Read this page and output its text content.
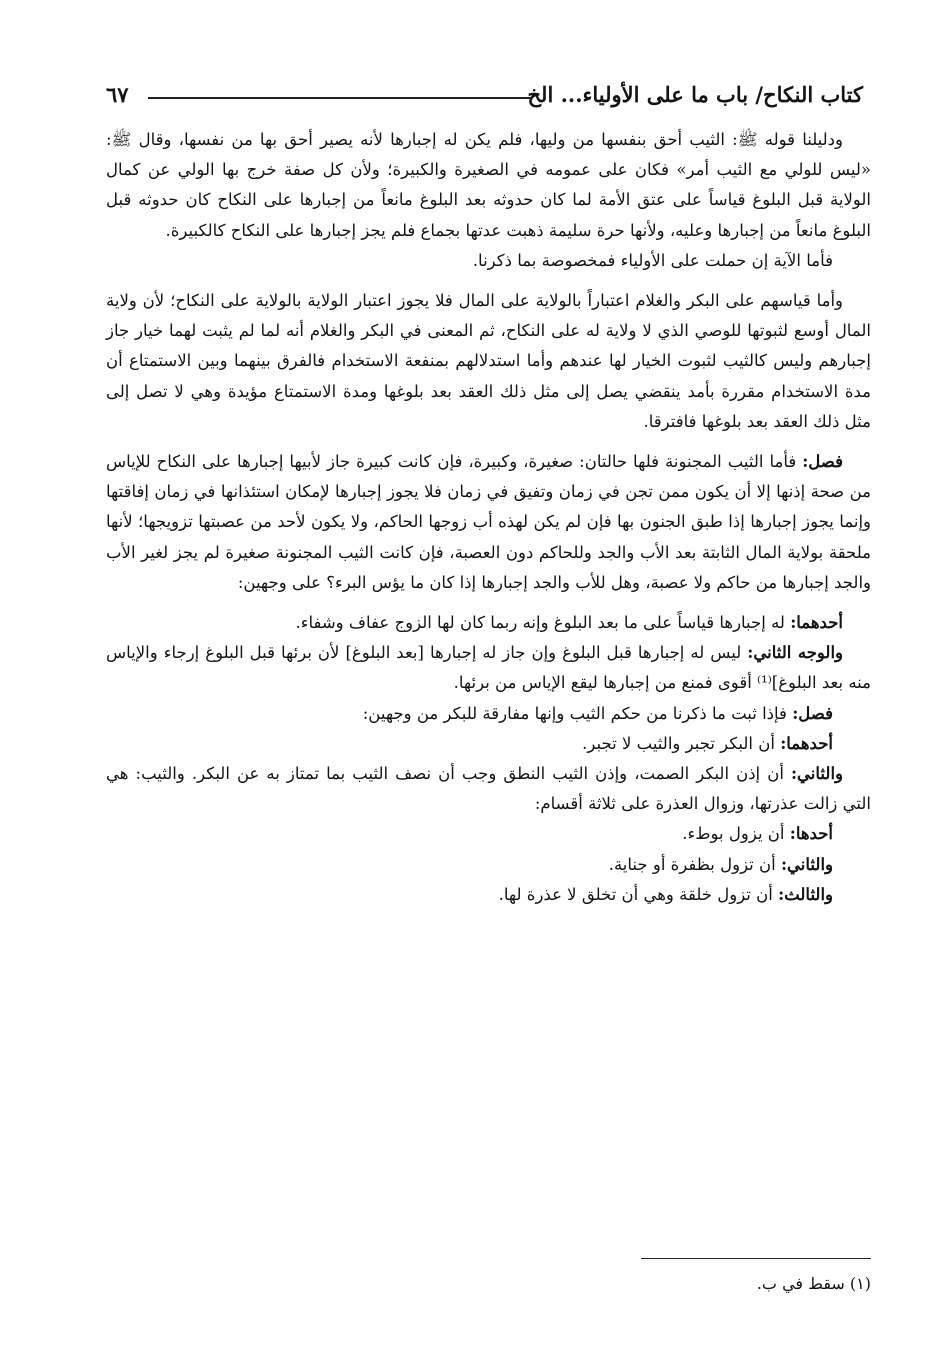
كتاب النكاح/ باب ما على الأولياء... الخ
٦٧

ودليلنا قوله ﷺ: الثيب أحق بنفسها من وليها، فلم يكن له إجبارها لأنه يصير أحق بها من نفسها، وقال ﷺ: «ليس للولي مع الثيب أمر» فكان على عمومه في الصغيرة والكبيرة؛ ولأن كل صفة خرج بها الولي عن كمال الولاية قبل البلوغ قياساً على عتق الأمة لما كان حدوثه بعد البلوغ مانعاً من إجبارها على النكاح كان حدوثه قبل البلوغ مانعاً من إجبارها وعليه، ولأنها حرة سليمة ذهبت عدتها بجماع فلم يجز إجبارها على النكاح كالكبيرة.

فأما الآية إن حملت على الأولياء فمخصوصة بما ذكرنا.

وأما قياسهم على البكر والغلام اعتباراً بالولاية على المال فلا يجوز اعتبار الولاية بالولاية على النكاح؛ لأن ولاية المال أوسع لثبوتها للوصي الذي لا ولاية له على النكاح، ثم المعنى في البكر والغلام أنه لما لم يثبت لهما خيار جاز إجبارهم وليس كالثيب لثبوت الخيار لها عندهم وأما استدلالهم بمنفعة الاستخدام فالفرق بينهما وبين الاستمتاع أن مدة الاستخدام مقررة بأمد ينقضي يصل إلى مثل ذلك العقد بعد بلوغها ومدة الاستمتاع مؤيدة وهي لا تصل إلى مثل ذلك العقد بعد بلوغها فافترقا.

فصل: فأما الثيب المجنونة فلها حالتان: صغيرة، وكبيرة، فإن كانت كبيرة جاز لأبيها إجبارها على النكاح للإياس من صحة إذنها إلا أن يكون ممن تجن في زمان وتفيق في زمان فلا يجوز إجبارها لإمكان استئذانها في زمان إفاقتها وإنما يجوز إجبارها إذا طبق الجنون بها فإن لم يكن لهذه أب زوجها الحاكم، ولا يكون لأحد من عصبتها تزويجها؛ لأنها ملحقة بولاية المال الثابتة بعد الأب والجد وللحاكم دون العصبة، فإن كانت الثيب المجنونة صغيرة لم يجز لغير الأب والجد إجبارها من حاكم ولا عصبة، وهل للأب والجد إجبارها إذا كان ما يؤس البرء؟ على وجهين:

أحدهما: له إجبارها قياساً على ما بعد البلوغ وإنه ربما كان لها الزوج عفاف وشفاء.

والوجه الثاني: ليس له إجبارها قبل البلوغ وإن جاز له إجبارها [بعد البلوغ] لأن برئها قبل البلوغ إرجاء والإياس منه بعد البلوغ]⁽¹⁾ أقوى فمنع من إجبارها ليقع الإياس من برئها.

فصل: فإذا ثبت ما ذكرنا من حكم الثيب وإنها مفارقة للبكر من وجهين:

أحدهما: أن البكر تجبر والثيب لا تجبر.

والثاني: أن إذن البكر الصمت، وإذن الثيب النطق وجب أن نصف الثيب بما تمتاز به عن البكر. والثيب: هي التي زالت عذرتها، وزوال العذرة على ثلاثة أقسام:

أحدها: أن يزول بوطء.

والثاني: أن تزول بظفرة أو جناية.

والثالث: أن تزول خلقة وهي أن تخلق لا عذرة لها.

(١) سقط في ب.
